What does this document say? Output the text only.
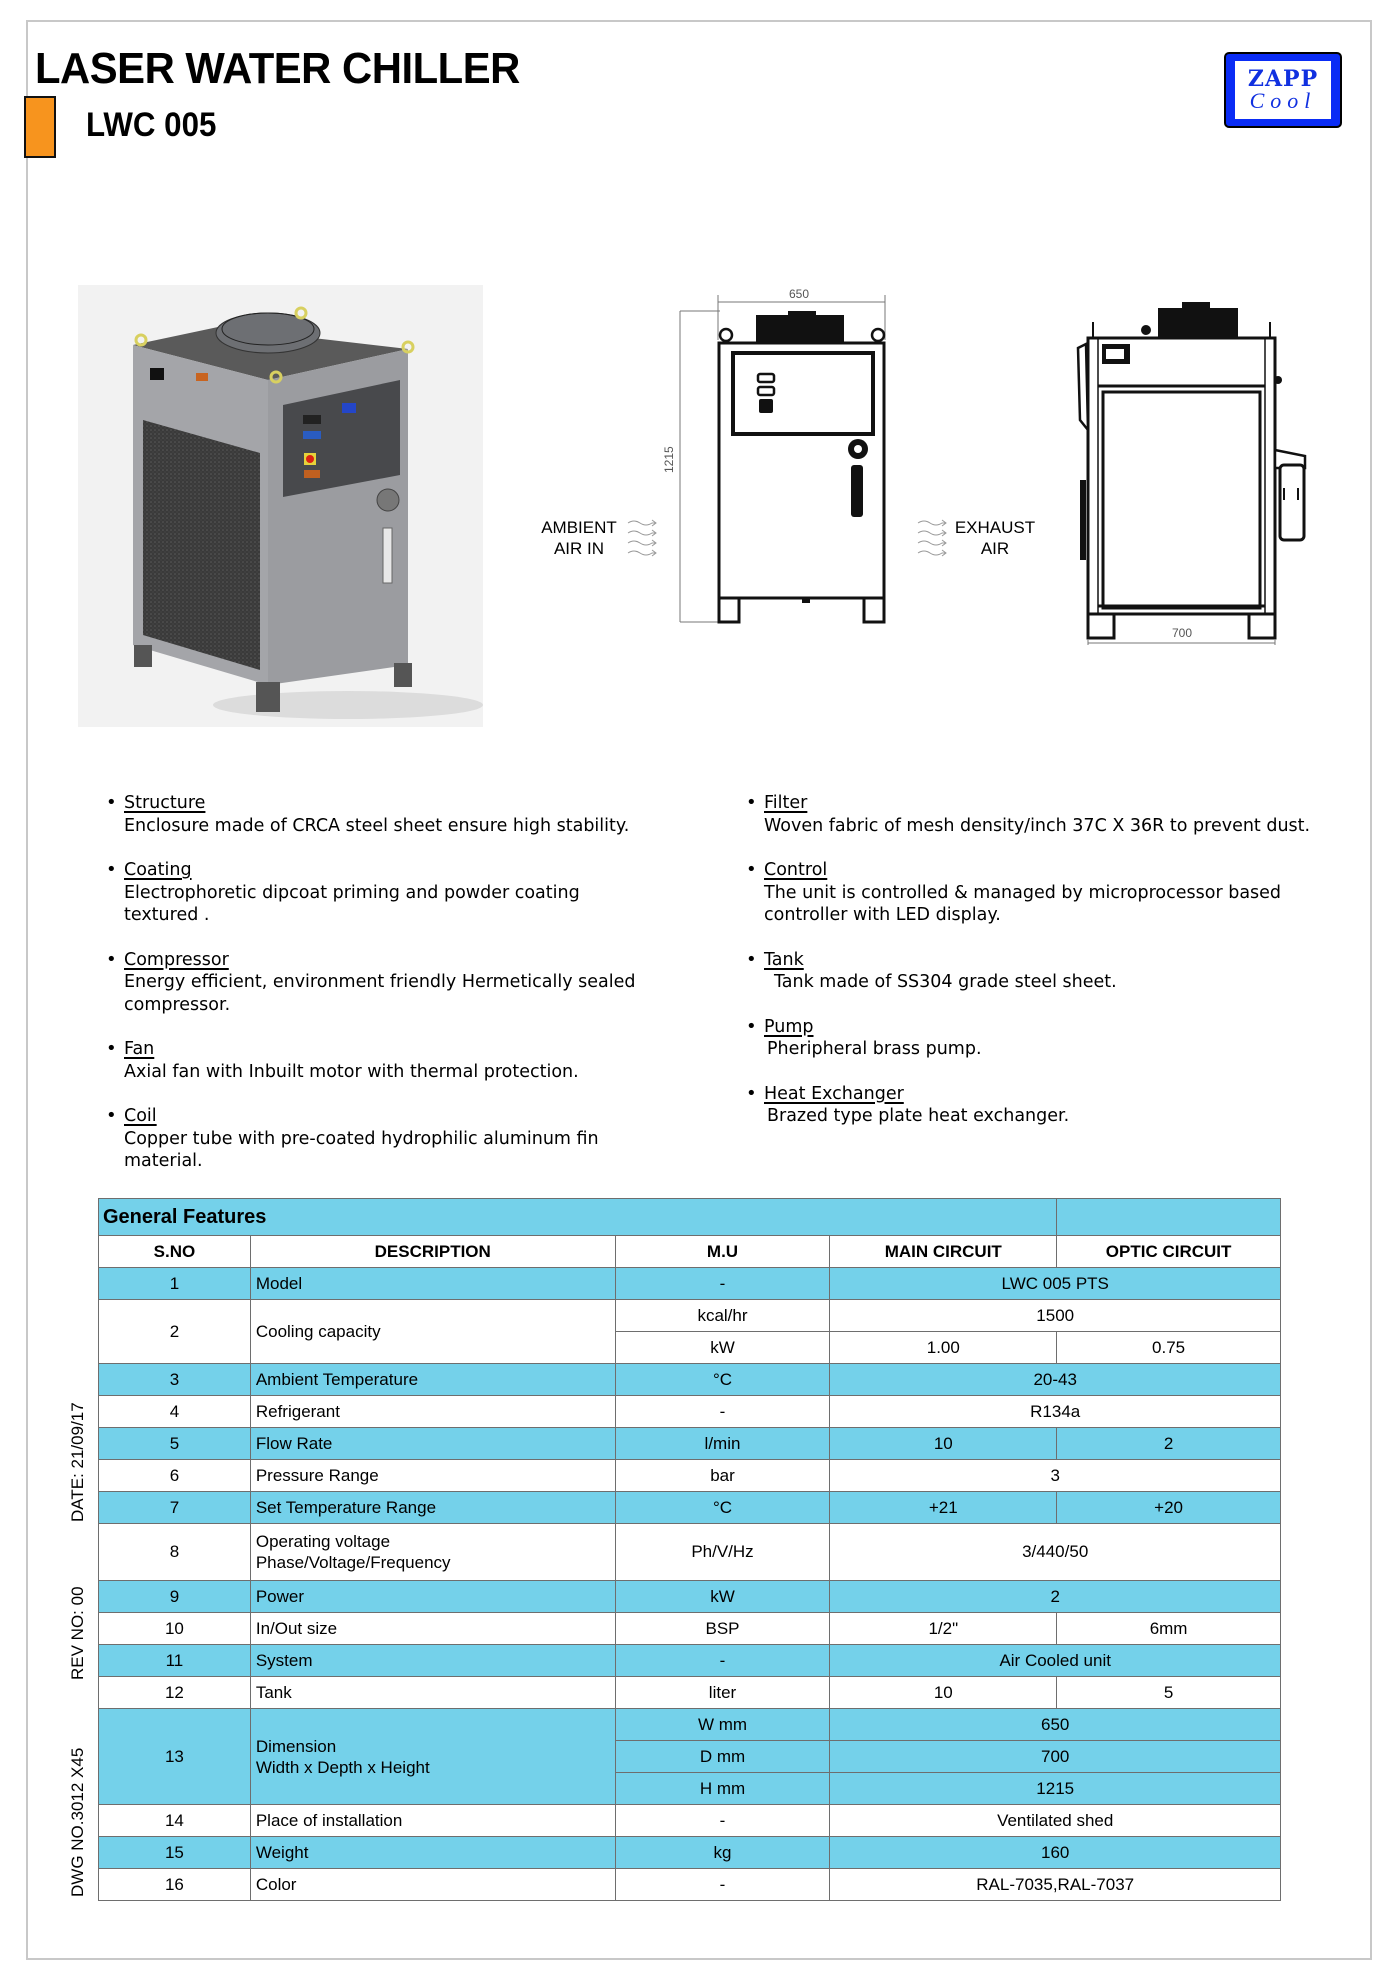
LASER WATER CHILLER
LWC 005
ZAPP
Cool
650
1215
AMBIENT
AIR IN
EXHAUST
AIR
700
• Structure
Enclosure made of CRCA steel sheet ensure high stability.
• Coating
Electrophoretic dipcoat priming and powder coating textured .
• Compressor
Energy efficient, environment friendly Hermetically sealed compressor.
• Fan
Axial fan with Inbuilt motor with thermal protection.
• Coil
Copper tube with pre-coated hydrophilic aluminum fin material.
• Filter
Woven fabric of mesh density/inch 37C X 36R to prevent dust.
• Control
The unit is controlled & managed by microprocessor based controller with LED display.
• Tank
Tank made of SS304 grade steel sheet.
• Pump
Pheripheral brass pump.
• Heat Exchanger
Brazed type plate heat exchanger.
DATE: 21/09/17
REV NO: 00
DWG NO.3012 X45
General Features				
S.NO	DESCRIPTION	M.U	MAIN CIRCUIT	OPTIC CIRCUIT
1	Model	-	LWC 005 PTS	
2	Cooling capacity	kcal/hr	1500	
		kW	1.00	0.75
3	Ambient Temperature	°C	20-43	
4	Refrigerant	-	R134a	
5	Flow Rate	l/min	10	2
6	Pressure Range	bar	3	
7	Set Temperature Range	°C	+21	+20
8	Operating voltage
Phase/Voltage/Frequency	Ph/V/Hz	3/440/50	
9	Power	kW	2	
10	In/Out size	BSP	1/2"	6mm
11	System	-	Air Cooled unit	
12	Tank	liter	10	5
13	Dimension
Width x Depth x Height	W mm	650	
		D mm	700	
		H mm	1215	
14	Place of installation	-	Ventilated shed	
15	Weight	kg	160	
16	Color	-	RAL-7035,RAL-7037	
